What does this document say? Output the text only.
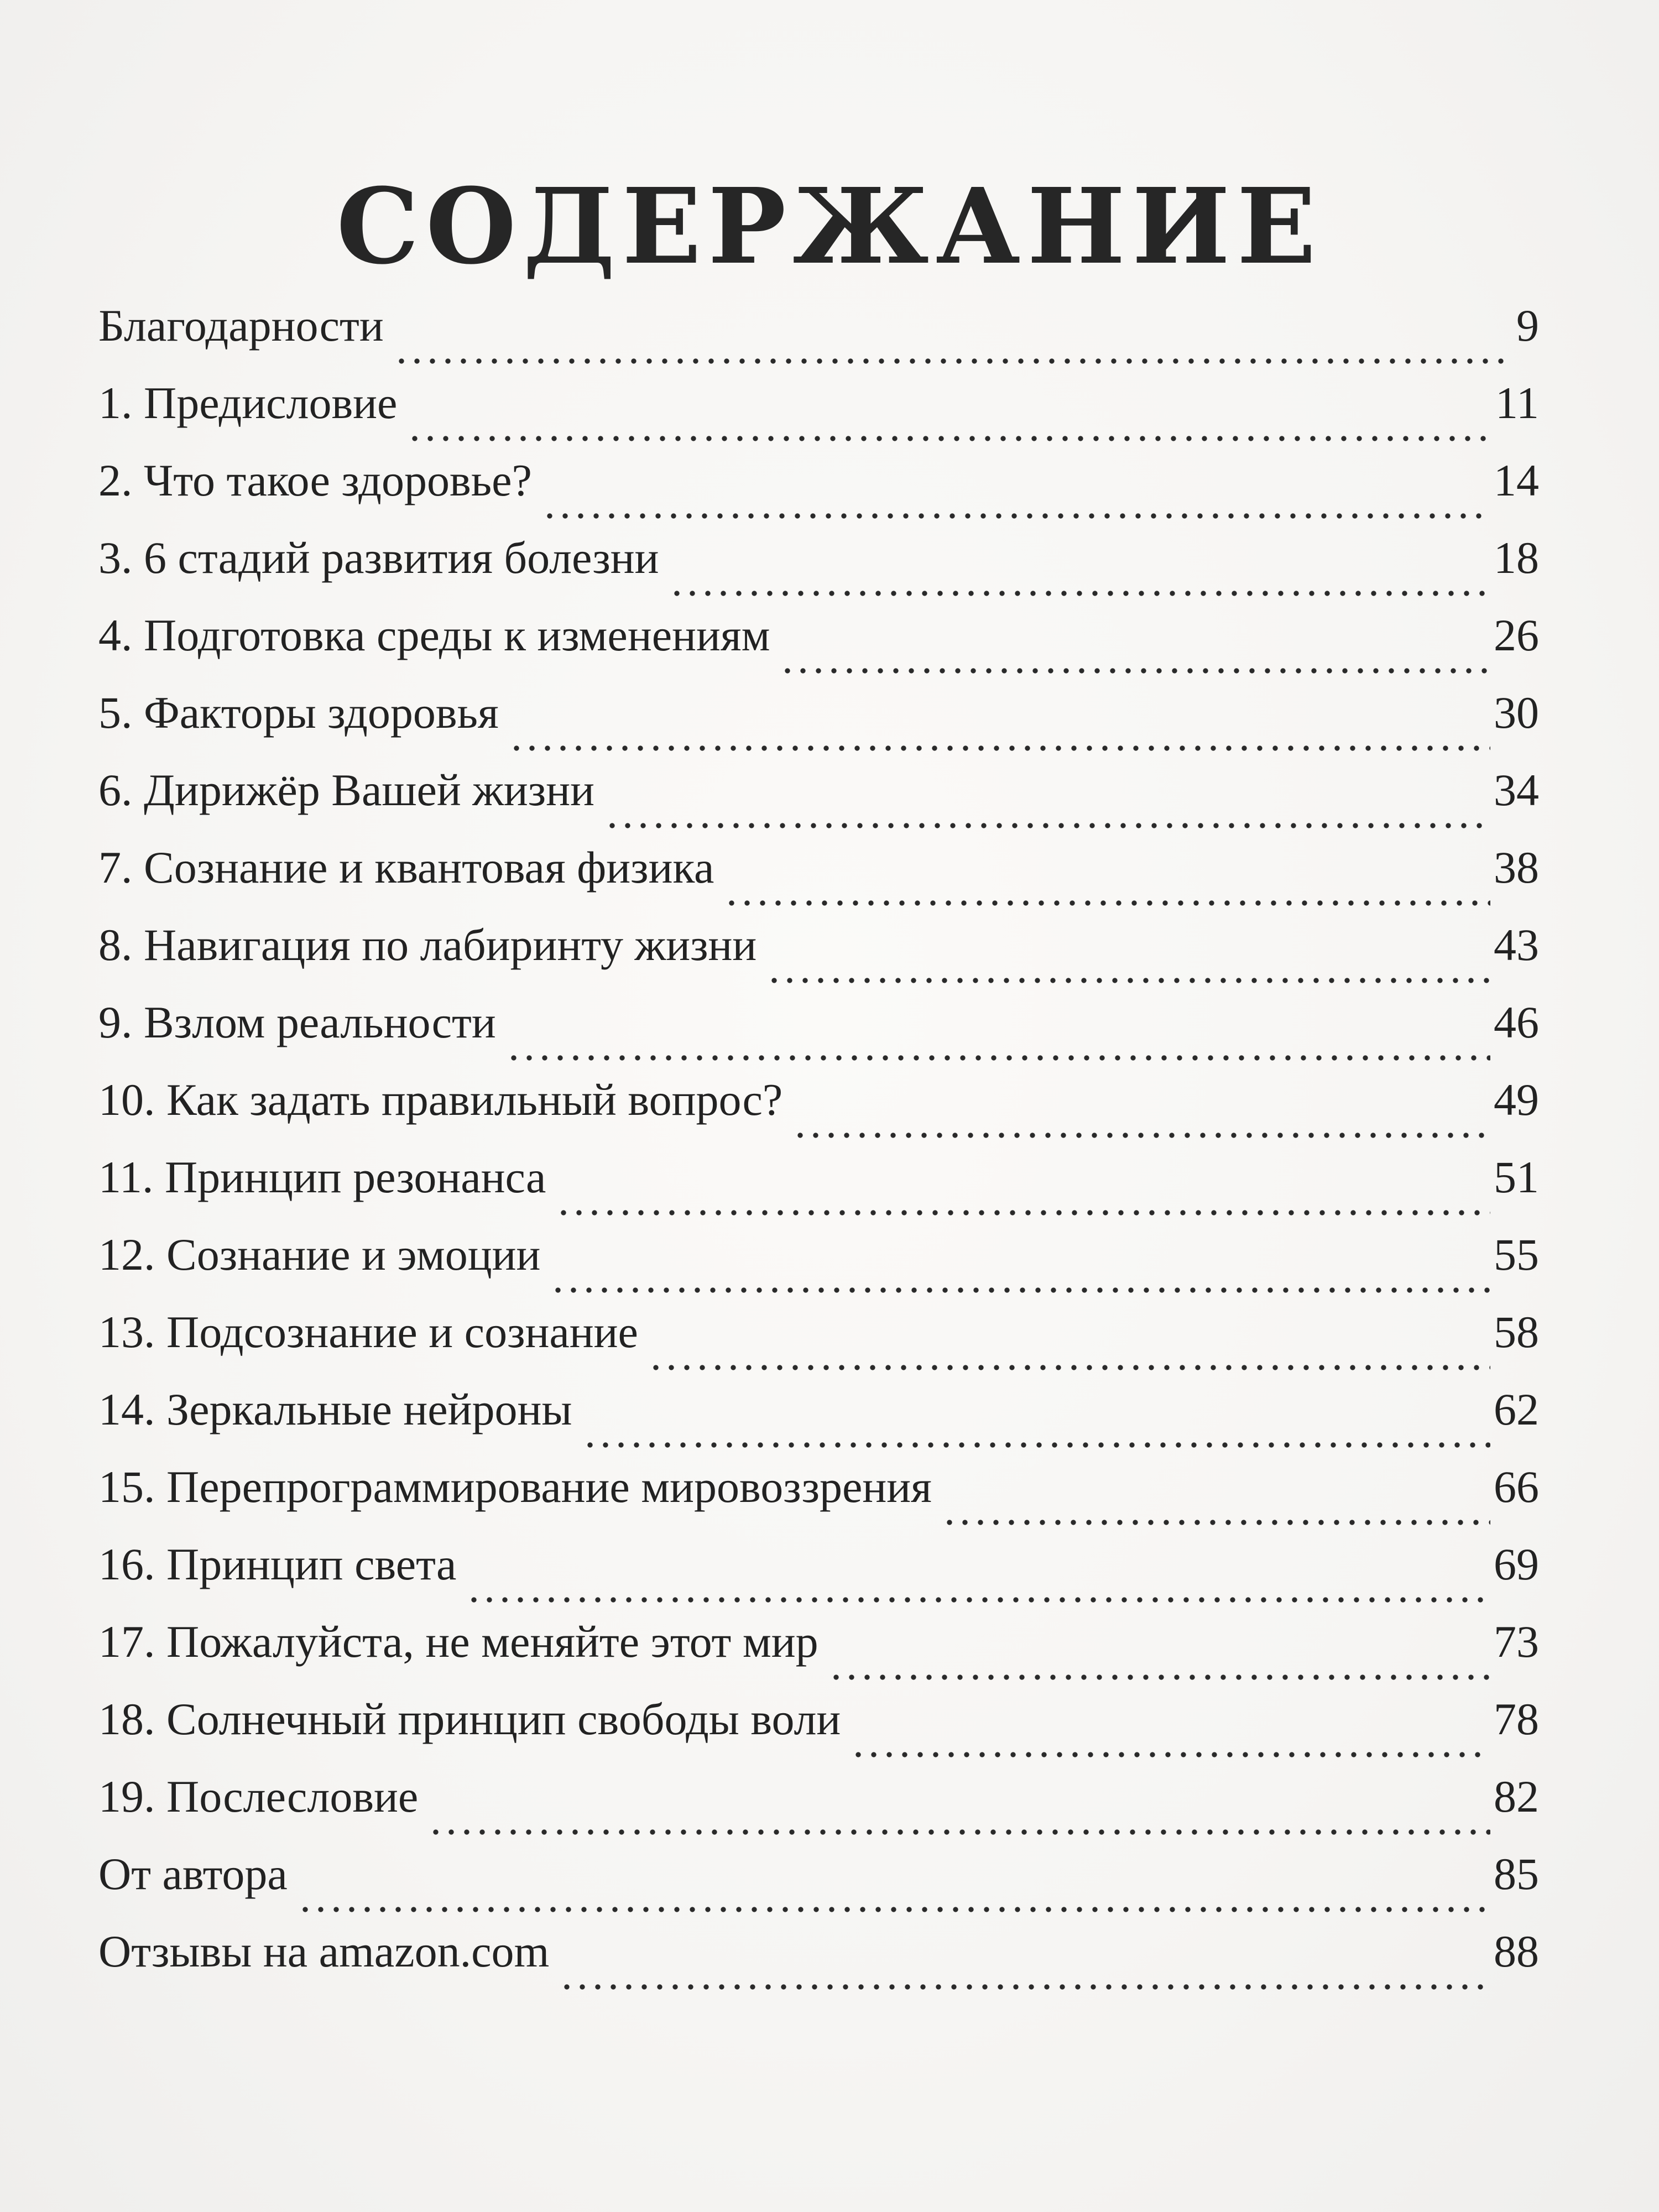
СОДЕРЖАНИЕ
Благодарности	9
1. Предисловие	11
2. Что такое здоровье?	14
3. 6 стадий развития болезни	18
4. Подготовка среды к изменениям	26
5. Факторы здоровья	30
6. Дирижёр Вашей жизни	34
7. Сознание и квантовая физика	38
8. Навигация по лабиринту жизни	43
9. Взлом реальности	46
10. Как задать правильный вопрос?	49
11. Принцип резонанса	51
12. Сознание и эмоции	55
13. Подсознание и сознание	58
14. Зеркальные нейроны	62
15. Перепрограммирование мировоззрения	66
16. Принцип света	69
17. Пожалуйста, не меняйте этот мир	73
18. Солнечный принцип свободы воли	78
19. Послесловие	82
От автора	85
Отзывы на amazon.com	88
